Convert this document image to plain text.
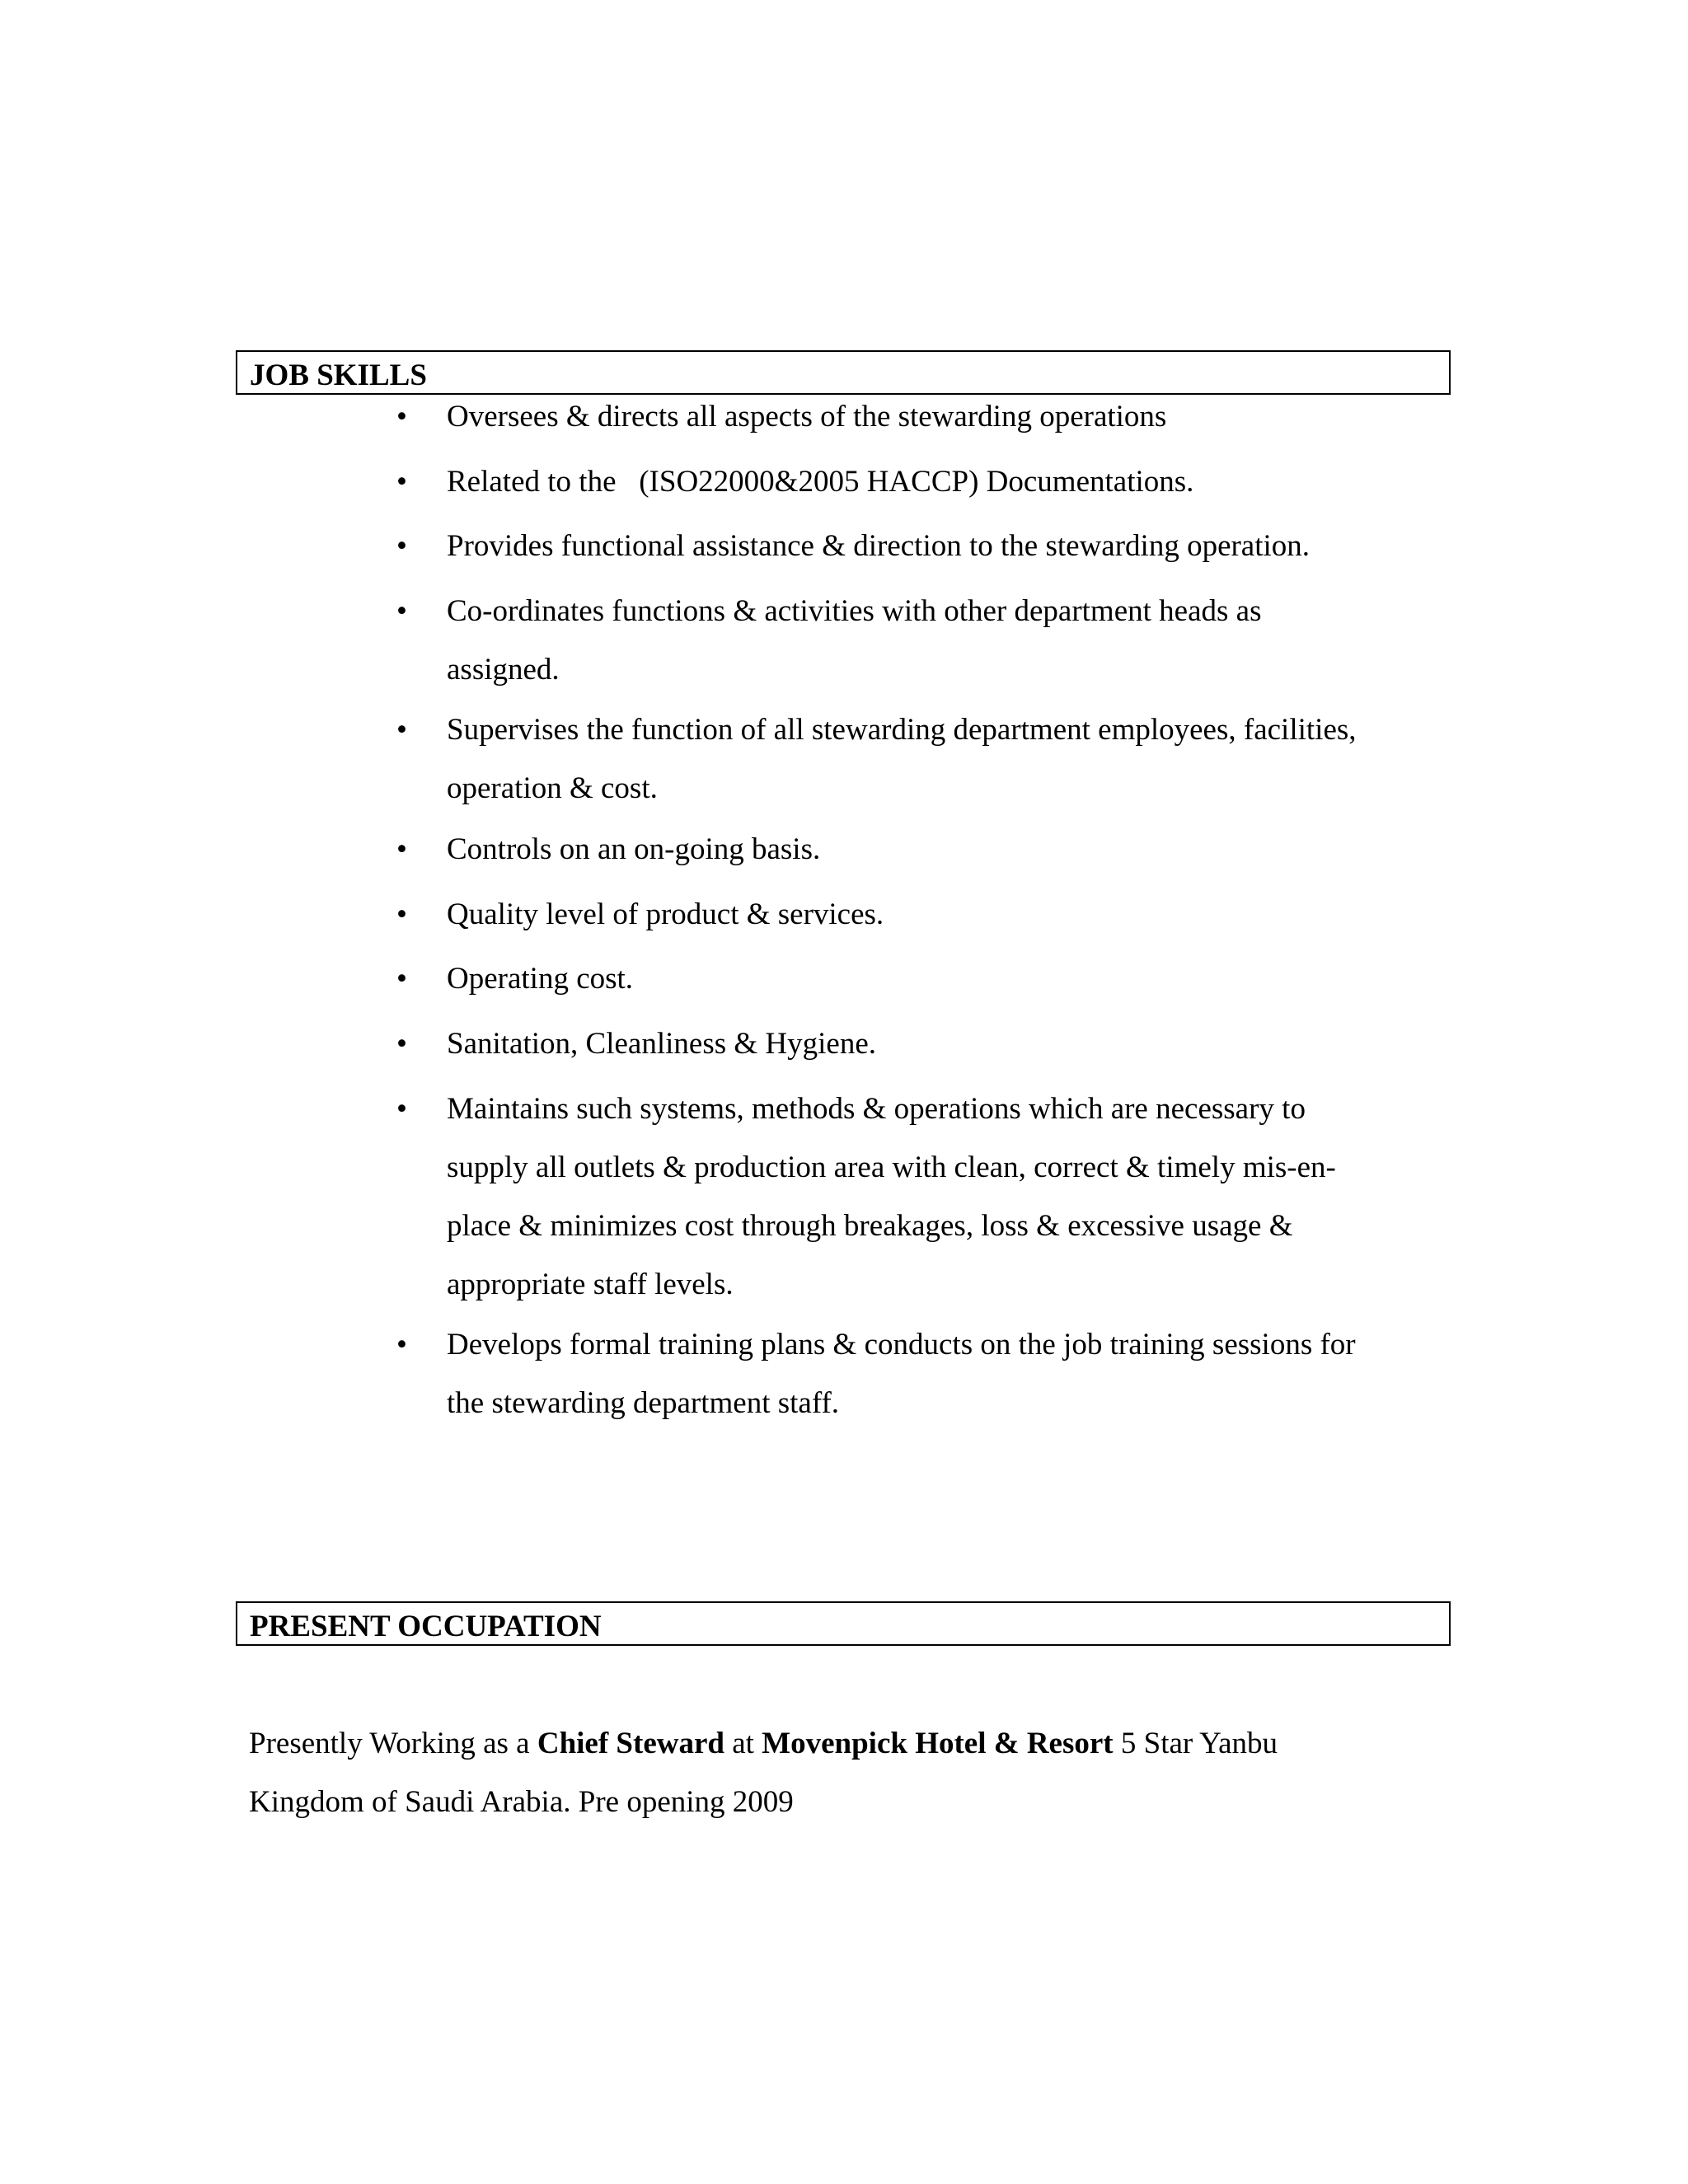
JOB SKILLS
• Oversees & directs all aspects of the stewarding operations
• Related to the   (ISO22000&2005 HACCP) Documentations.
• Provides functional assistance & direction to the stewarding operation.
• Co-ordinates functions & activities with other department heads as
assigned.
• Supervises the function of all stewarding department employees, facilities,
operation & cost.
• Controls on an on-going basis.
• Quality level of product & services.
• Operating cost.
• Sanitation, Cleanliness & Hygiene.
• Maintains such systems, methods & operations which are necessary to
supply all outlets & production area with clean, correct & timely mis-en-
place & minimizes cost through breakages, loss & excessive usage &
appropriate staff levels.
• Develops formal training plans & conducts on the job training sessions for
the stewarding department staff.
PRESENT OCCUPATION
Presently Working as a Chief Steward at Movenpick Hotel & Resort 5 Star Yanbu
Kingdom of Saudi Arabia. Pre opening 2009
